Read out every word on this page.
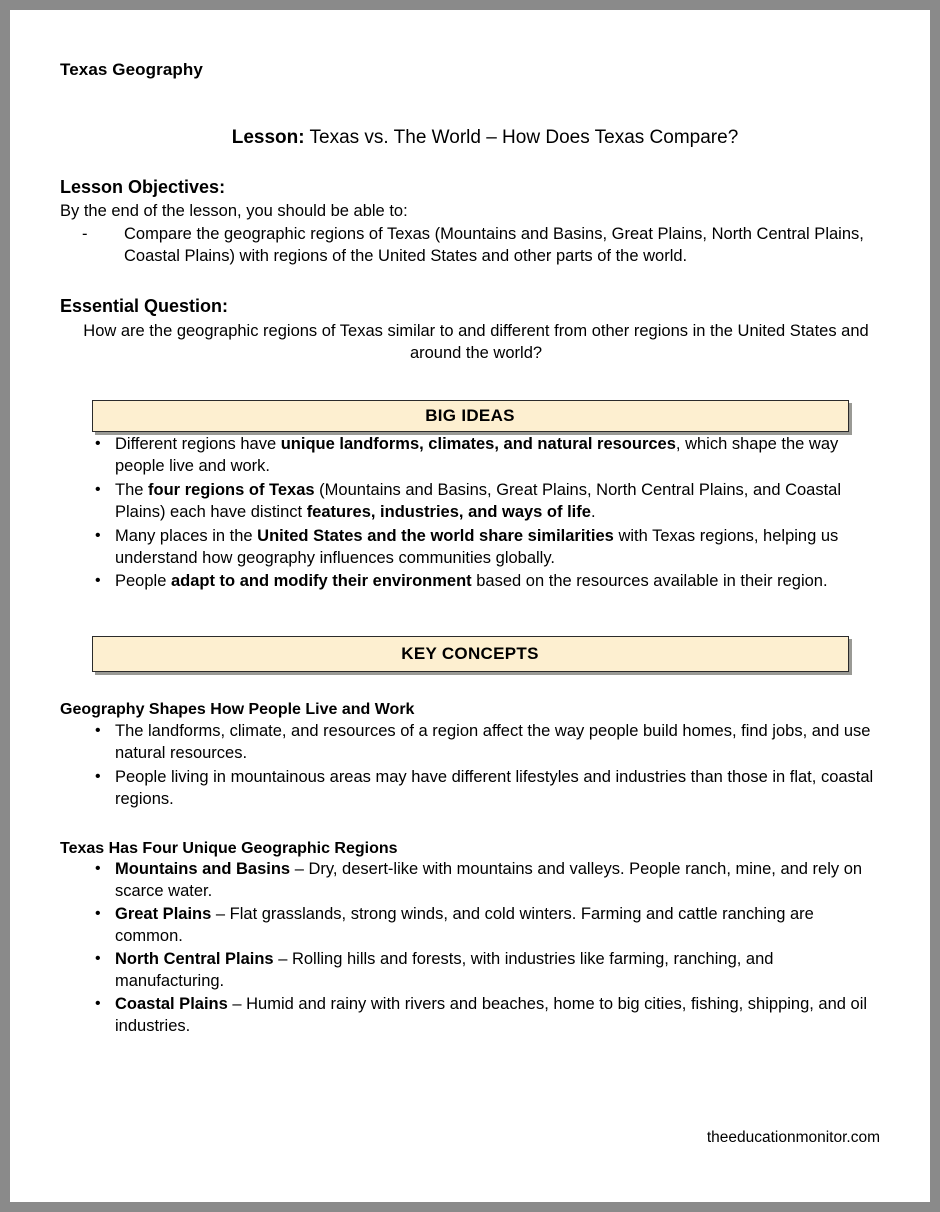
Texas Geography
Lesson: Texas vs. The World – How Does Texas Compare?
Lesson Objectives:
By the end of the lesson, you should be able to:
- Compare the geographic regions of Texas (Mountains and Basins, Great Plains, North Central Plains, Coastal Plains) with regions of the United States and other parts of the world.
Essential Question:
How are the geographic regions of Texas similar to and different from other regions in the United States and around the world?
BIG IDEAS
• Different regions have unique landforms, climates, and natural resources, which shape the way people live and work.
• The four regions of Texas (Mountains and Basins, Great Plains, North Central Plains, and Coastal Plains) each have distinct features, industries, and ways of life.
• Many places in the United States and the world share similarities with Texas regions, helping us understand how geography influences communities globally.
• People adapt to and modify their environment based on the resources available in their region.
KEY CONCEPTS
Geography Shapes How People Live and Work
• The landforms, climate, and resources of a region affect the way people build homes, find jobs, and use natural resources.
• People living in mountainous areas may have different lifestyles and industries than those in flat, coastal regions.
Texas Has Four Unique Geographic Regions
• Mountains and Basins – Dry, desert-like with mountains and valleys. People ranch, mine, and rely on scarce water.
• Great Plains – Flat grasslands, strong winds, and cold winters. Farming and cattle ranching are common.
• North Central Plains – Rolling hills and forests, with industries like farming, ranching, and manufacturing.
• Coastal Plains – Humid and rainy with rivers and beaches, home to big cities, fishing, shipping, and oil industries.
theeducationmonitor.com
